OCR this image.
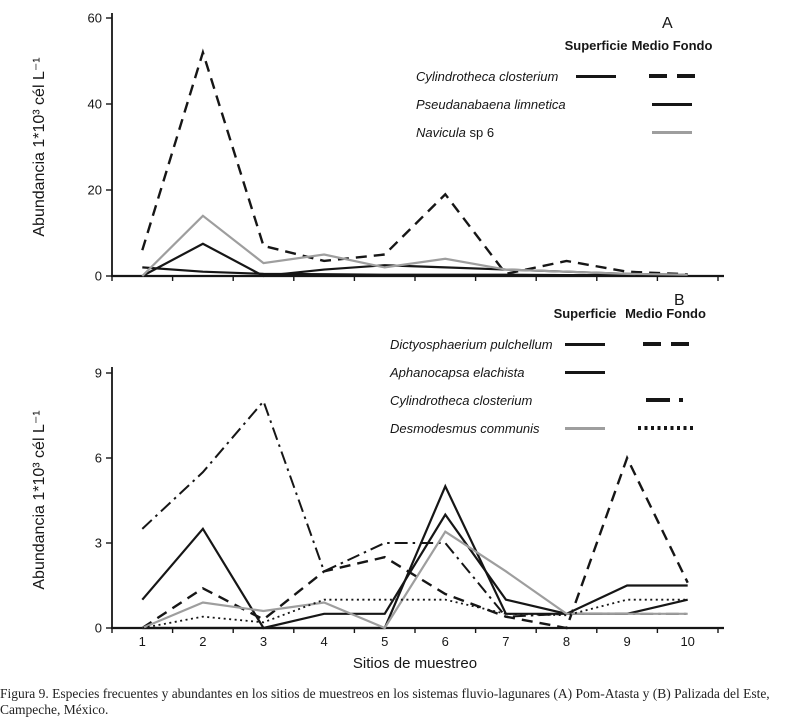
Abundancia 1*10³ cél L⁻¹
0
20
40
60
Abundancia 1*10³ cél L⁻¹
Sitios de muestreo
0
3
6
9
1	2	3	4	5	6	7	8	9	10
A
B
Superficie Medio Fondo
Cylindrotheca closterium
Pseudanabaena limnetica
Navicula sp 6
Superficie Medio Fondo
Dictyosphaerium pulchellum
Aphanocapsa elachista
Cylindrotheca closterium
Desmodesmus communis
Figura 9. Especies frecuentes y abundantes en los sitios de muestreos en los sistemas fluvio-lagunares (A) Pom-Atasta y (B) Palizada del Este, Campeche, México.
